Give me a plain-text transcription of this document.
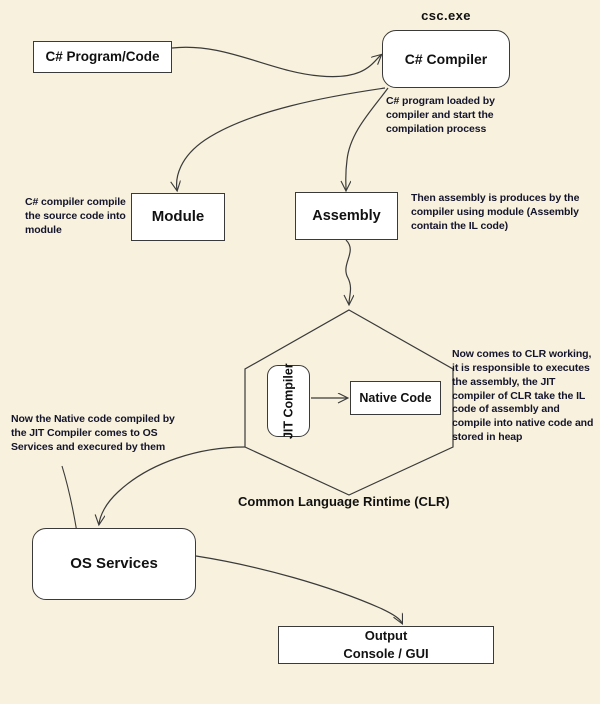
C# Program/Code
csc.exe
C# Compiler
C# program loaded by compiler and start the compilation process
Module
C# compiler compile the source code into module
Assembly
Then assembly is produces by the compiler using module (Assembly contain the IL code)
JIT Compiler	Native Code
Now comes to CLR working, it is responsible to executes the assembly, the JIT compiler of CLR take the IL code of assembly and compile into native code and stored in heap
Common Language Rintime (CLR)
Now the Native code compiled by the JIT Compiler comes to OS Services and execured by them
OS Services
Output
Console / GUI
